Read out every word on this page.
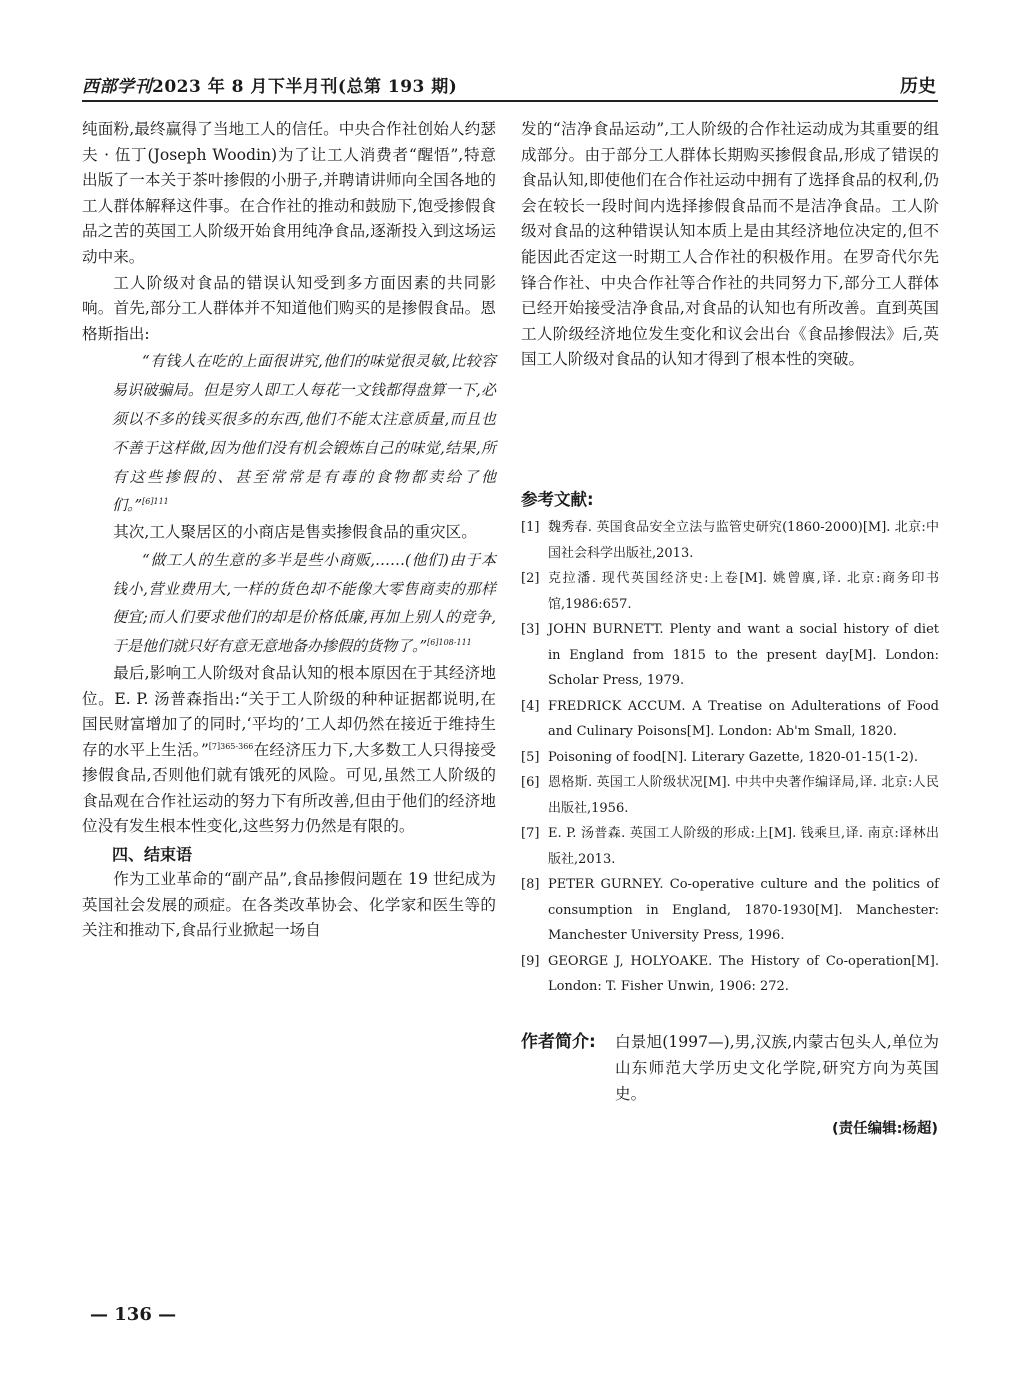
西部学刊2023 年 8 月下半月刊(总第 193 期)	历史

纯面粉,最终赢得了当地工人的信任。中央合作社创始人约瑟夫 · 伍丁(Joseph Woodin)为了让工人消费者“醒悟”,特意出版了一本关于茶叶掺假的小册子,并聘请讲师向全国各地的工人群体解释这件事。在合作社的推动和鼓励下,饱受掺假食品之苦的英国工人阶级开始食用纯净食品,逐渐投入到这场运动中来。

工人阶级对食品的错误认知受到多方面因素的共同影响。首先,部分工人群体并不知道他们购买的是掺假食品。恩格斯指出:

“有钱人在吃的上面很讲究,他们的味觉很灵敏,比较容易识破骗局。但是穷人即工人每花一文钱都得盘算一下,必须以不多的钱买很多的东西,他们不能太注意质量,而且也不善于这样做,因为他们没有机会锻炼自己的味觉,结果,所有这些掺假的、甚至常常是有毒的食物都卖给了他们。”$^{[6]111}$

其次,工人聚居区的小商店是售卖掺假食品的重灾区。

“做工人的生意的多半是些小商贩,……(他们)由于本钱小,营业费用大,一样的货色却不能像大零售商卖的那样便宜;而人们要求他们的却是价格低廉,再加上别人的竞争,于是他们就只好有意无意地备办掺假的货物了。”$^{[6]108-111}$

最后,影响工人阶级对食品认知的根本原因在于其经济地位。E. P. 汤普森指出:“关于工人阶级的种种证据都说明,在国民财富增加了的同时,‘平均的’工人却仍然在接近于维持生存的水平上生活。”$^{[7]365-366}$在经济压力下,大多数工人只得接受掺假食品,否则他们就有饿死的风险。可见,虽然工人阶级的食品观在合作社运动的努力下有所改善,但由于他们的经济地位没有发生根本性变化,这些努力仍然是有限的。

四、结束语

作为工业革命的“副产品”,食品掺假问题在 19 世纪成为英国社会发展的顽症。在各类改革协会、化学家和医生等的关注和推动下,食品行业掀起一场自

发的“洁净食品运动”,工人阶级的合作社运动成为其重要的组成部分。由于部分工人群体长期购买掺假食品,形成了错误的食品认知,即使他们在合作社运动中拥有了选择食品的权利,仍会在较长一段时间内选择掺假食品而不是洁净食品。工人阶级对食品的这种错误认知本质上是由其经济地位决定的,但不能因此否定这一时期工人合作社的积极作用。在罗奇代尔先锋合作社、中央合作社等合作社的共同努力下,部分工人群体已经开始接受洁净食品,对食品的认知也有所改善。直到英国工人阶级经济地位发生变化和议会出台《食品掺假法》后,英国工人阶级对食品的认知才得到了根本性的突破。

参考文献:
[1] 魏秀春. 英国食品安全立法与监管史研究(1860-2000)[M]. 北京:中国社会科学出版社,2013.
[2] 克拉潘. 现代英国经济史:上卷[M]. 姚曾廙,译. 北京:商务印书馆,1986:657.
[3] JOHN BURNETT. Plenty and want a social history of diet in England from 1815 to the present day[M]. London: Scholar Press, 1979.
[4] FREDRICK ACCUM. A Treatise on Adulterations of Food and Culinary Poisons[M]. London: Ab'm Small, 1820.
[5] Poisoning of food[N]. Literary Gazette, 1820-01-15(1-2).
[6] 恩格斯. 英国工人阶级状况[M]. 中共中央著作编译局,译. 北京:人民出版社,1956.
[7] E. P. 汤普森. 英国工人阶级的形成:上[M]. 钱乘旦,译. 南京:译林出版社,2013.
[8] PETER GURNEY. Co-operative culture and the politics of consumption in England, 1870-1930[M]. Manchester: Manchester University Press, 1996.
[9] GEORGE J, HOLYOAKE. The History of Co-operation[M]. London: T. Fisher Unwin, 1906: 272.
作者简介: 白景旭(1997—),男,汉族,内蒙古包头人,单位为山东师范大学历史文化学院,研究方向为英国史。
(责任编辑:杨超)
— 136 —
